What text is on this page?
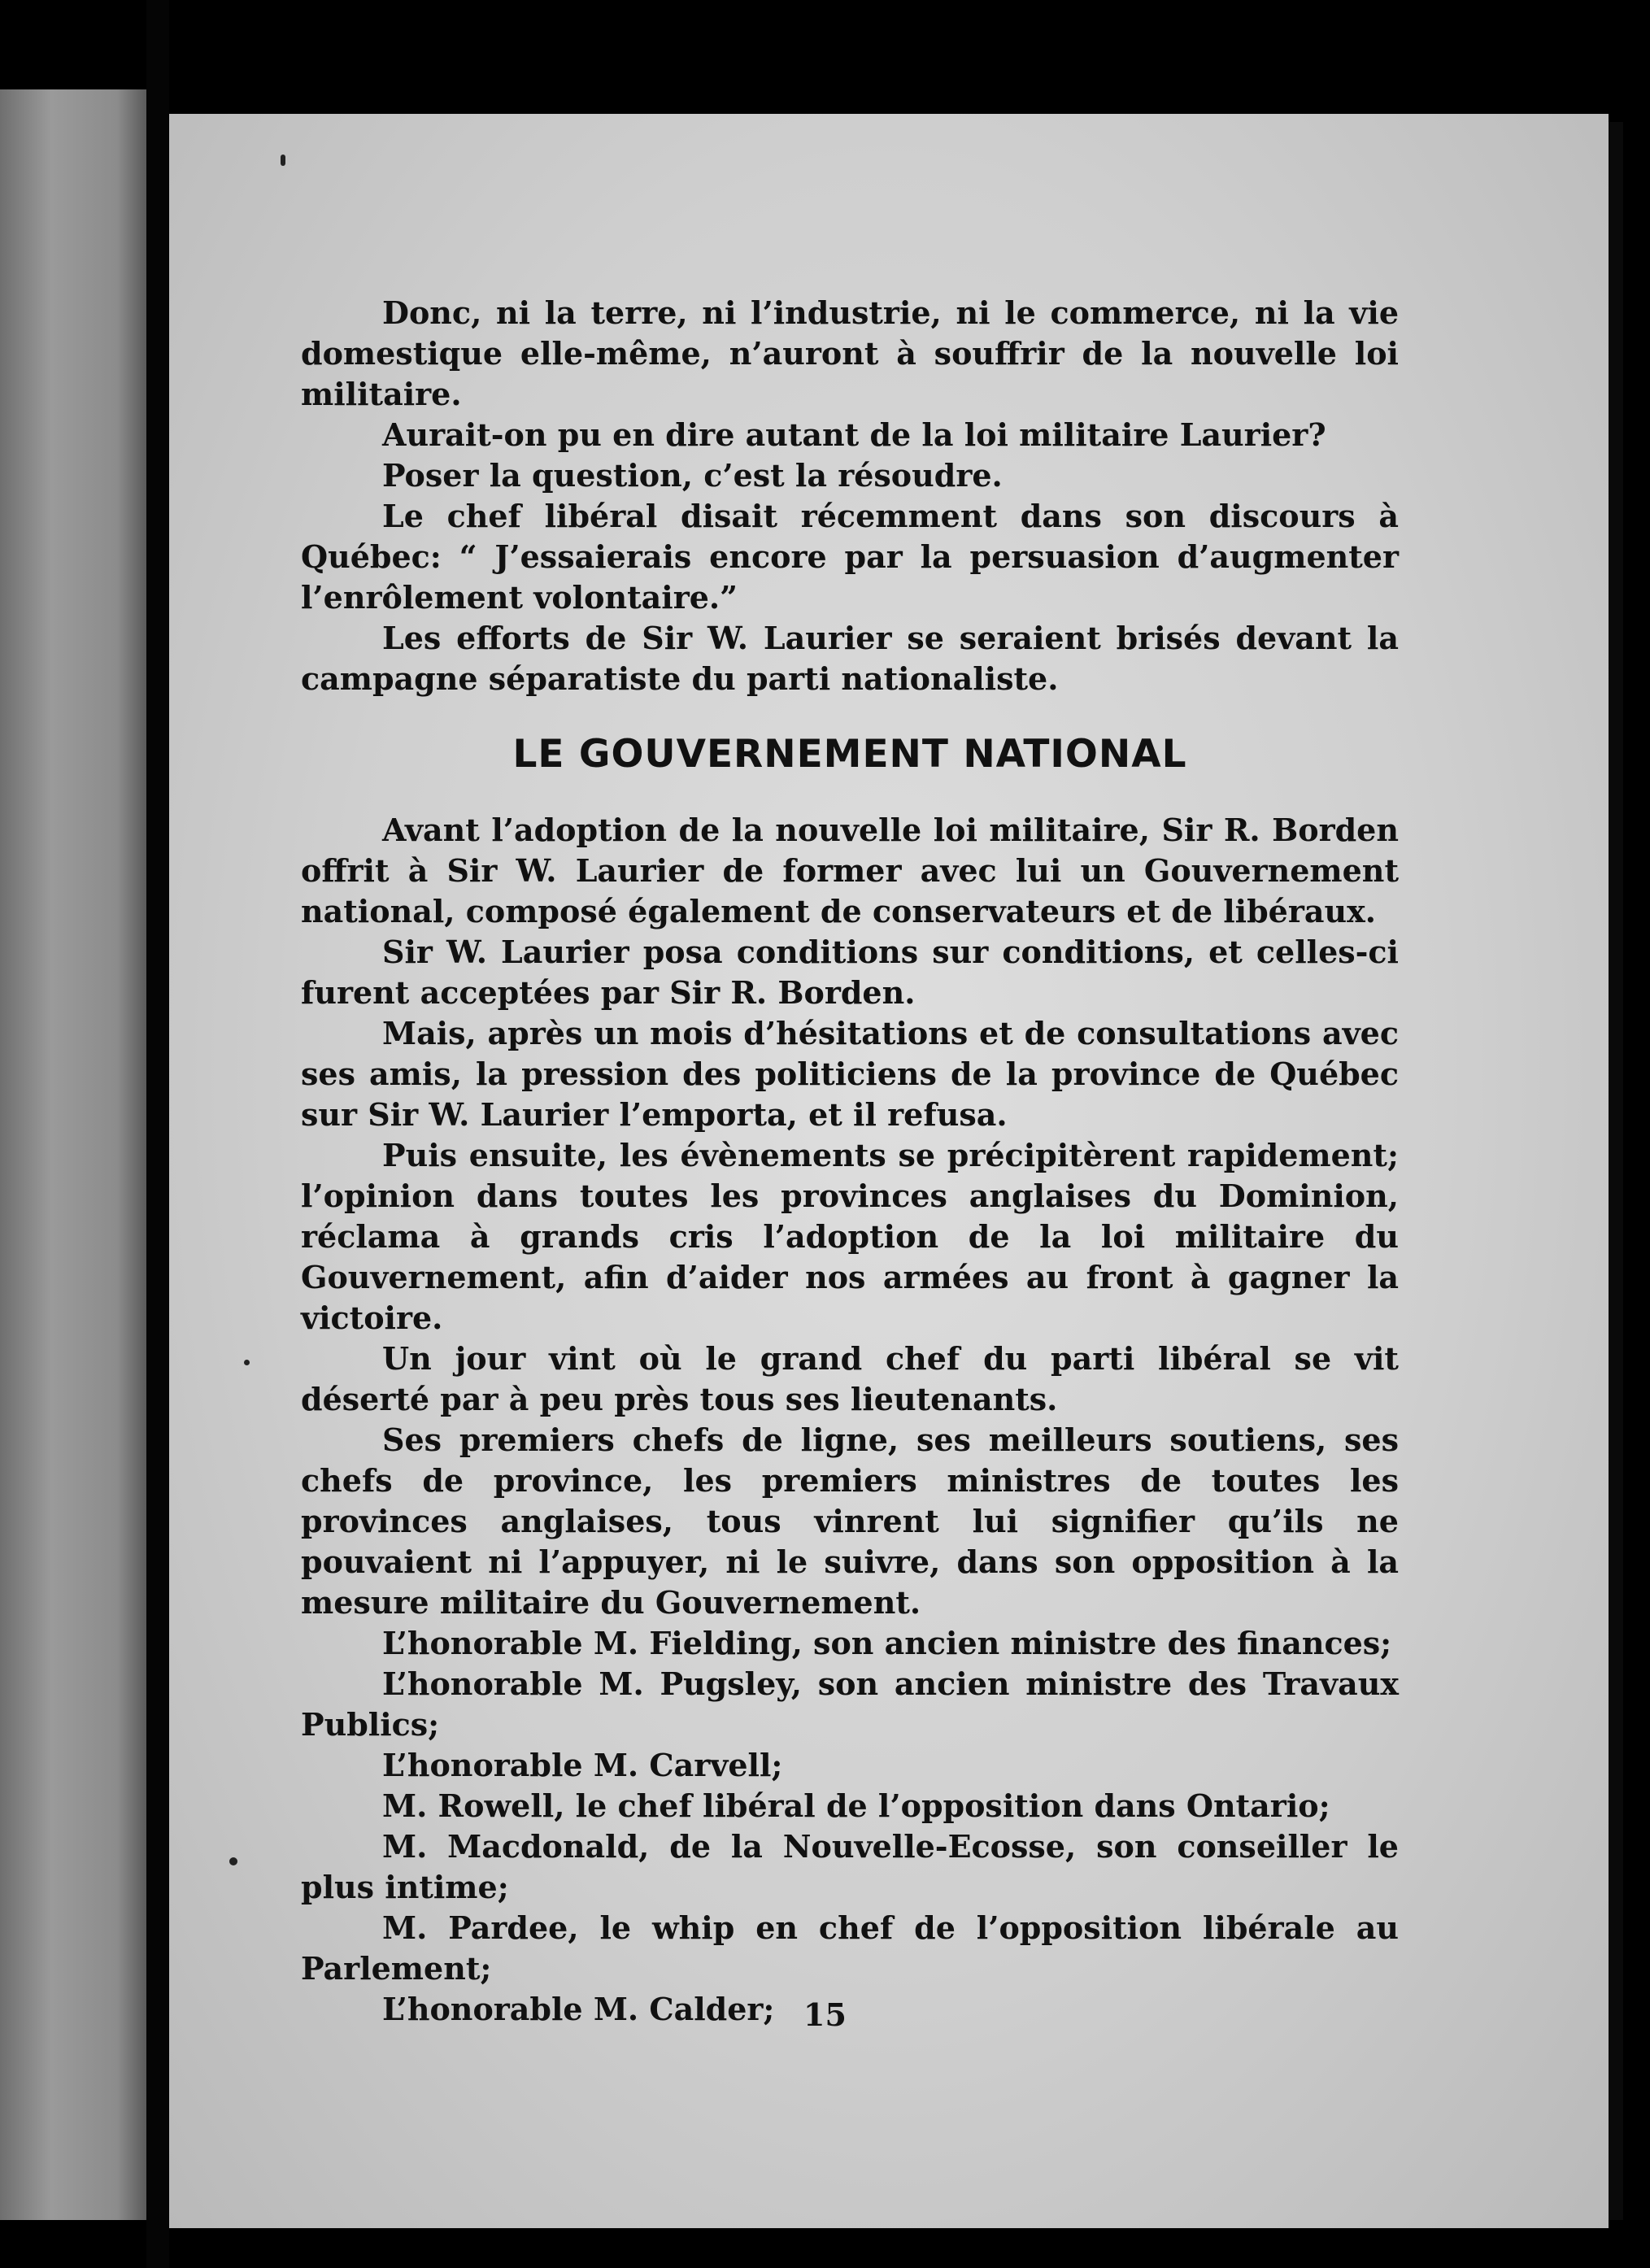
Donc, ni la terre, ni l’industrie, ni le commerce, ni la vie domestique elle-même, n’auront à souffrir de la nouvelle loi militaire.

Aurait-on pu en dire autant de la loi militaire Laurier?

Poser la question, c’est la résoudre.

Le chef libéral disait récemment dans son discours à Québec: “ J’essaierais encore par la persuasion d’augmenter l’enrôlement volontaire.”

Les efforts de Sir W. Laurier se seraient brisés devant la campagne séparatiste du parti nationaliste.

LE GOUVERNEMENT NATIONAL

Avant l’adoption de la nouvelle loi militaire, Sir R. Borden offrit à Sir W. Laurier de former avec lui un Gouvernement national, composé également de conservateurs et de libéraux.

Sir W. Laurier posa conditions sur conditions, et celles-ci furent acceptées par Sir R. Borden.

Mais, après un mois d’hésitations et de consultations avec ses amis, la pression des politiciens de la province de Québec sur Sir W. Laurier l’emporta, et il refusa.

Puis ensuite, les évènements se précipitèrent rapidement; l’opinion dans toutes les provinces anglaises du Dominion, réclama à grands cris l’adoption de la loi militaire du Gouvernement, afin d’aider nos armées au front à gagner la victoire.

Un jour vint où le grand chef du parti libéral se vit déserté par à peu près tous ses lieutenants.

Ses premiers chefs de ligne, ses meilleurs soutiens, ses chefs de province, les premiers ministres de toutes les provinces anglaises, tous vinrent lui signifier qu’ils ne pouvaient ni l’appuyer, ni le suivre, dans son opposition à la mesure militaire du Gouvernement.

L’honorable M. Fielding, son ancien ministre des finances;

L’honorable M. Pugsley, son ancien ministre des Travaux Publics;

L’honorable M. Carvell;

M. Rowell, le chef libéral de l’opposition dans Ontario;

M. Macdonald, de la Nouvelle-Ecosse, son conseiller le plus intime;

M. Pardee, le whip en chef de l’opposition libérale au Parlement;

L’honorable M. Calder; 15
